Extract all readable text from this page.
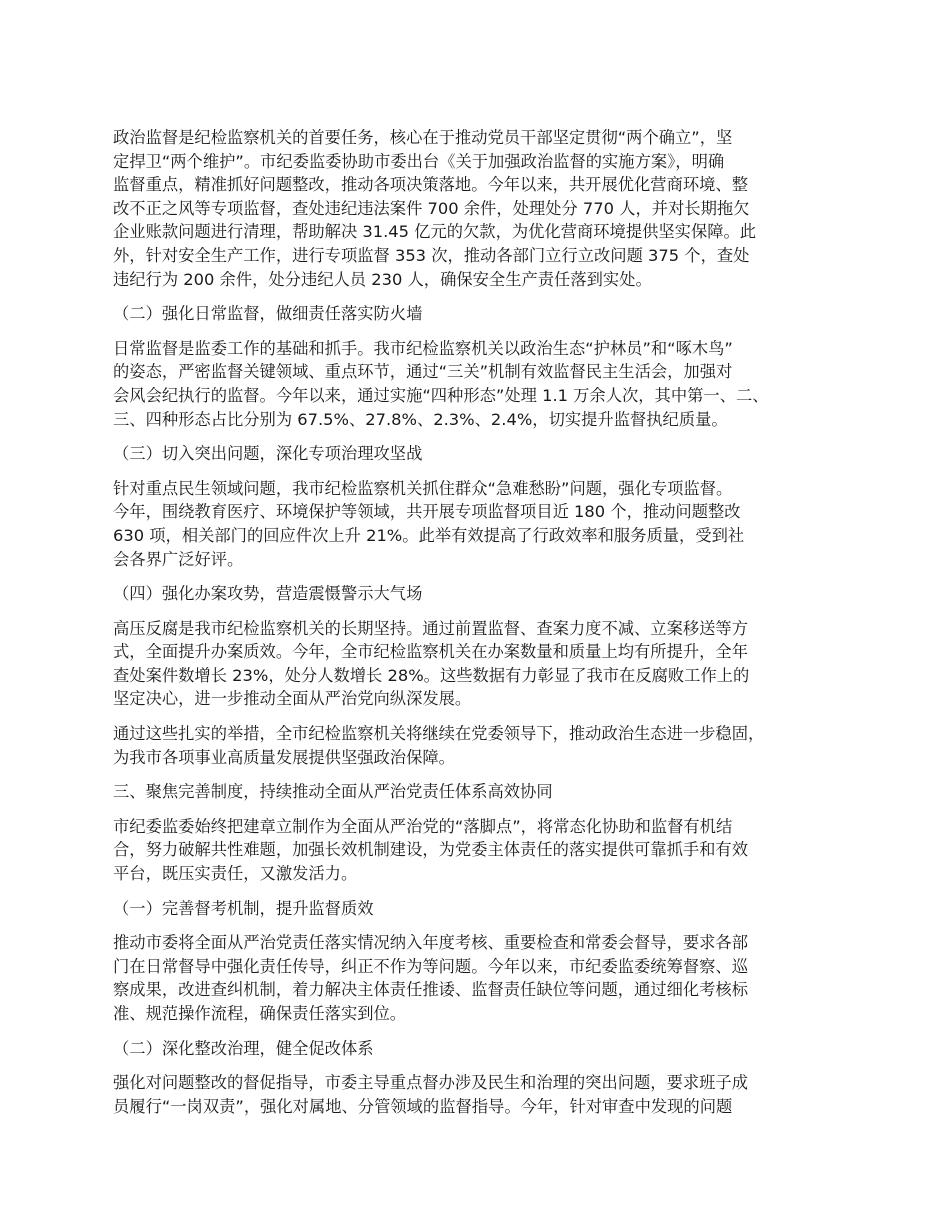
政治监督是纪检监察机关的首要任务，核心在于推动党员干部坚定贯彻“两个确立”，坚
定捍卫“两个维护”。市纪委监委协助市委出台《关于加强政治监督的实施方案》，明确
监督重点，精准抓好问题整改，推动各项决策落地。今年以来，共开展优化营商环境、整
改不正之风等专项监督，查处违纪违法案件 700 余件，处理处分 770 人，并对长期拖欠
企业账款问题进行清理，帮助解决 31.45 亿元的欠款，为优化营商环境提供坚实保障。此
外，针对安全生产工作，进行专项监督 353 次，推动各部门立行立改问题 375 个，查处
违纪行为 200 余件，处分违纪人员 230 人，确保安全生产责任落到实处。

（二）强化日常监督，做细责任落实防火墙

日常监督是监委工作的基础和抓手。我市纪检监察机关以政治生态“护林员”和“啄木鸟”
的姿态，严密监督关键领域、重点环节，通过“三关”机制有效监督民主生活会，加强对
会风会纪执行的监督。今年以来，通过实施“四种形态”处理 1.1 万余人次，其中第一、二、
三、四种形态占比分别为 67.5%、27.8%、2.3%、2.4%，切实提升监督执纪质量。

（三）切入突出问题，深化专项治理攻坚战

针对重点民生领域问题，我市纪检监察机关抓住群众“急难愁盼”问题，强化专项监督。
今年，围绕教育医疗、环境保护等领域，共开展专项监督项目近 180 个，推动问题整改
630 项，相关部门的回应件次上升 21%。此举有效提高了行政效率和服务质量，受到社
会各界广泛好评。

（四）强化办案攻势，营造震慑警示大气场

高压反腐是我市纪检监察机关的长期坚持。通过前置监督、查案力度不减、立案移送等方
式，全面提升办案质效。今年，全市纪检监察机关在办案数量和质量上均有所提升，全年
查处案件数增长 23%，处分人数增长 28%。这些数据有力彰显了我市在反腐败工作上的
坚定决心，进一步推动全面从严治党向纵深发展。

通过这些扎实的举措，全市纪检监察机关将继续在党委领导下，推动政治生态进一步稳固，
为我市各项事业高质量发展提供坚强政治保障。

三、聚焦完善制度，持续推动全面从严治党责任体系高效协同

市纪委监委始终把建章立制作为全面从严治党的“落脚点”，将常态化协助和监督有机结
合，努力破解共性难题，加强长效机制建设，为党委主体责任的落实提供可靠抓手和有效
平台，既压实责任，又激发活力。

（一）完善督考机制，提升监督质效

推动市委将全面从严治党责任落实情况纳入年度考核、重要检查和常委会督导，要求各部
门在日常督导中强化责任传导，纠正不作为等问题。今年以来，市纪委监委统筹督察、巡
察成果，改进查纠机制，着力解决主体责任推诿、监督责任缺位等问题，通过细化考核标
准、规范操作流程，确保责任落实到位。

（二）深化整改治理，健全促改体系

强化对问题整改的督促指导，市委主导重点督办涉及民生和治理的突出问题，要求班子成
员履行“一岗双责”，强化对属地、分管领域的监督指导。今年，针对审查中发现的问题
